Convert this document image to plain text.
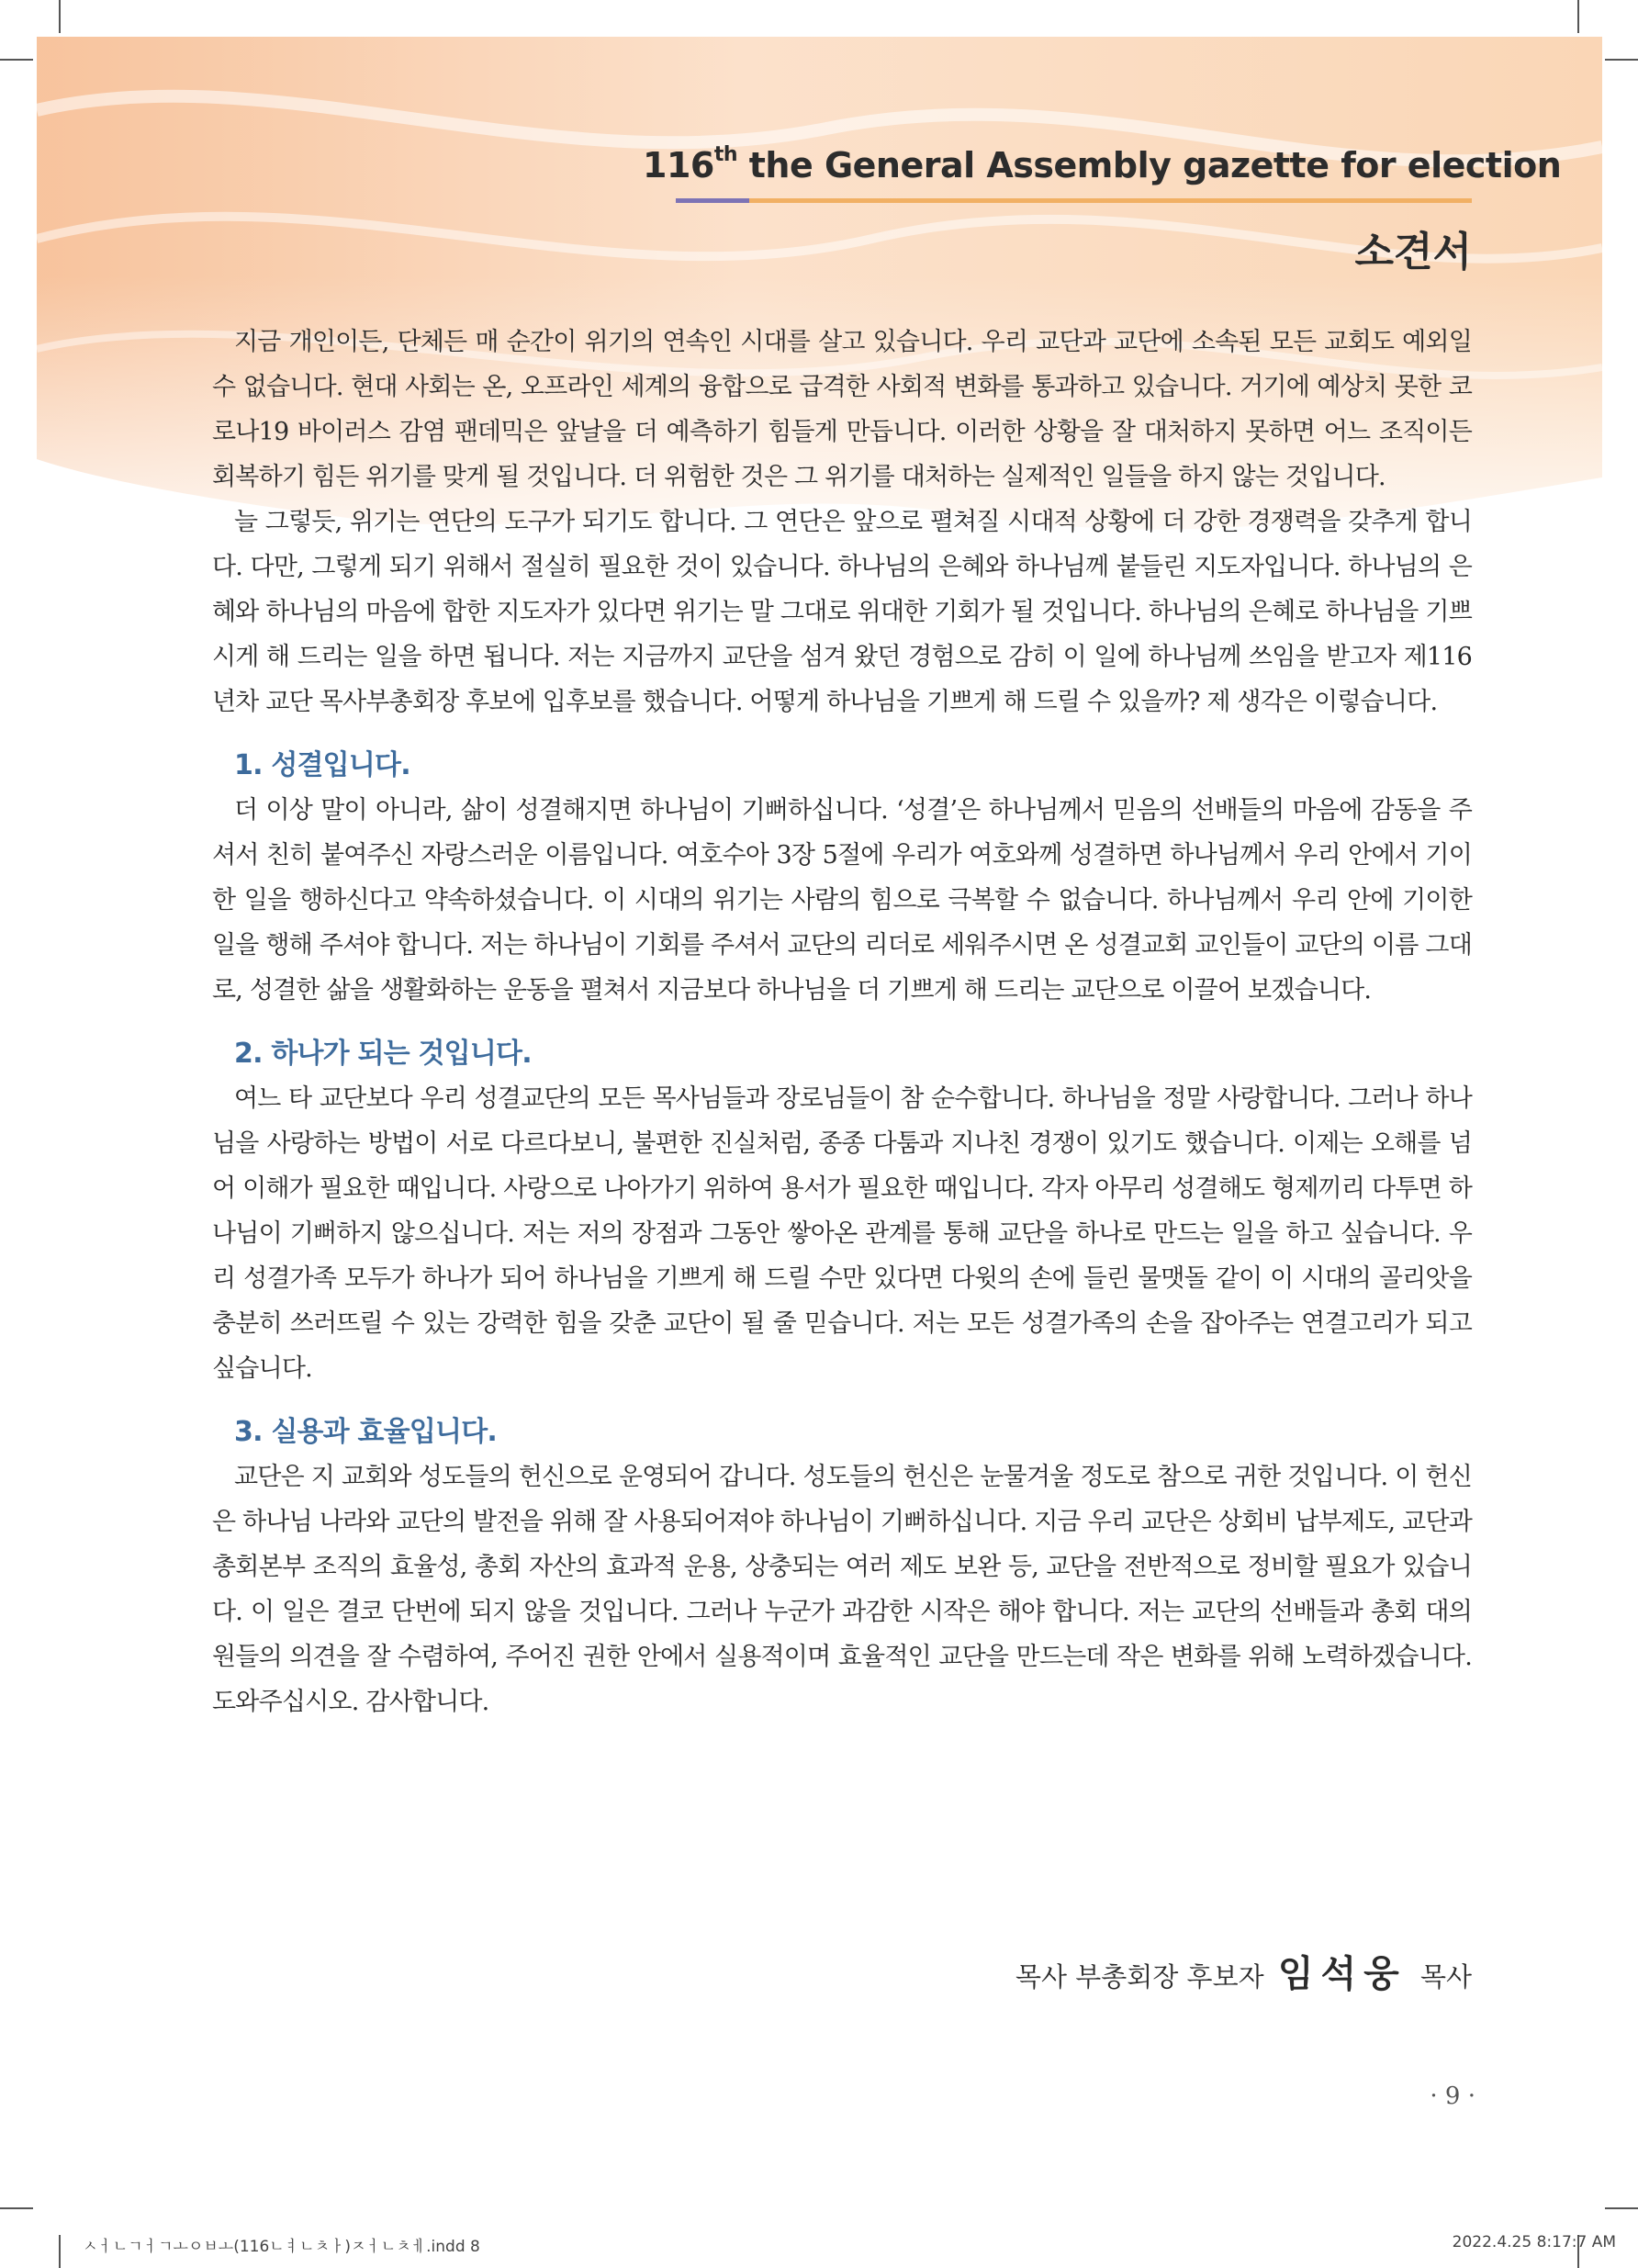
116th the General Assembly gazette for election
소견서

지금 개인이든, 단체든 매 순간이 위기의 연속인 시대를 살고 있습니다. 우리 교단과 교단에 소속된 모든 교회도 예외일 수 없습니다. 현대 사회는 온, 오프라인 세계의 융합으로 급격한 사회적 변화를 통과하고 있습니다. 거기에 예상치 못한 코로나19 바이러스 감염 팬데믹은 앞날을 더 예측하기 힘들게 만듭니다. 이러한 상황을 잘 대처하지 못하면 어느 조직이든 회복하기 힘든 위기를 맞게 될 것입니다. 더 위험한 것은 그 위기를 대처하는 실제적인 일들을 하지 않는 것입니다.

늘 그렇듯, 위기는 연단의 도구가 되기도 합니다. 그 연단은 앞으로 펼쳐질 시대적 상황에 더 강한 경쟁력을 갖추게 합니다. 다만, 그렇게 되기 위해서 절실히 필요한 것이 있습니다. 하나님의 은혜와 하나님께 붙들린 지도자입니다. 하나님의 은혜와 하나님의 마음에 합한 지도자가 있다면 위기는 말 그대로 위대한 기회가 될 것입니다. 하나님의 은혜로 하나님을 기쁘시게 해 드리는 일을 하면 됩니다. 저는 지금까지 교단을 섬겨 왔던 경험으로 감히 이 일에 하나님께 쓰임을 받고자 제116년차 교단 목사부총회장 후보에 입후보를 했습니다. 어떻게 하나님을 기쁘게 해 드릴 수 있을까? 제 생각은 이렇습니다.

1. 성결입니다.

더 이상 말이 아니라, 삶이 성결해지면 하나님이 기뻐하십니다. ‘성결’은 하나님께서 믿음의 선배들의 마음에 감동을 주셔서 친히 붙여주신 자랑스러운 이름입니다. 여호수아 3장 5절에 우리가 여호와께 성결하면 하나님께서 우리 안에서 기이한 일을 행하신다고 약속하셨습니다. 이 시대의 위기는 사람의 힘으로 극복할 수 없습니다. 하나님께서 우리 안에 기이한 일을 행해 주셔야 합니다. 저는 하나님이 기회를 주셔서 교단의 리더로 세워주시면 온 성결교회 교인들이 교단의 이름 그대로, 성결한 삶을 생활화하는 운동을 펼쳐서 지금보다 하나님을 더 기쁘게 해 드리는 교단으로 이끌어 보겠습니다.

2. 하나가 되는 것입니다.

여느 타 교단보다 우리 성결교단의 모든 목사님들과 장로님들이 참 순수합니다. 하나님을 정말 사랑합니다. 그러나 하나님을 사랑하는 방법이 서로 다르다보니, 불편한 진실처럼, 종종 다툼과 지나친 경쟁이 있기도 했습니다. 이제는 오해를 넘어 이해가 필요한 때입니다. 사랑으로 나아가기 위하여 용서가 필요한 때입니다. 각자 아무리 성결해도 형제끼리 다투면 하나님이 기뻐하지 않으십니다. 저는 저의 장점과 그동안 쌓아온 관계를 통해 교단을 하나로 만드는 일을 하고 싶습니다. 우리 성결가족 모두가 하나가 되어 하나님을 기쁘게 해 드릴 수만 있다면 다윗의 손에 들린 물맷돌 같이 이 시대의 골리앗을 충분히 쓰러뜨릴 수 있는 강력한 힘을 갖춘 교단이 될 줄 믿습니다. 저는 모든 성결가족의 손을 잡아주는 연결고리가 되고 싶습니다.

3. 실용과 효율입니다.

교단은 지 교회와 성도들의 헌신으로 운영되어 갑니다. 성도들의 헌신은 눈물겨울 정도로 참으로 귀한 것입니다. 이 헌신은 하나님 나라와 교단의 발전을 위해 잘 사용되어져야 하나님이 기뻐하십니다. 지금 우리 교단은 상회비 납부제도, 교단과 총회본부 조직의 효율성, 총회 자산의 효과적 운용, 상충되는 여러 제도 보완 등, 교단을 전반적으로 정비할 필요가 있습니다. 이 일은 결코 단번에 되지 않을 것입니다. 그러나 누군가 과감한 시작은 해야 합니다. 저는 교단의 선배들과 총회 대의원들의 의견을 잘 수렴하여, 주어진 권한 안에서 실용적이며 효율적인 교단을 만드는데 작은 변화를 위해 노력하겠습니다. 도와주십시오. 감사합니다.

목사 부총회장 후보자 임석웅 목사
· 9 ·
ㅅㅓㄴㄱㅓㄱㅗㅇㅂㅗ(116ㄴㅕㄴㅊㅏ)ㅈㅓㄴㅊㅔ.indd 8	2022.4.25 8:17:7 AM
